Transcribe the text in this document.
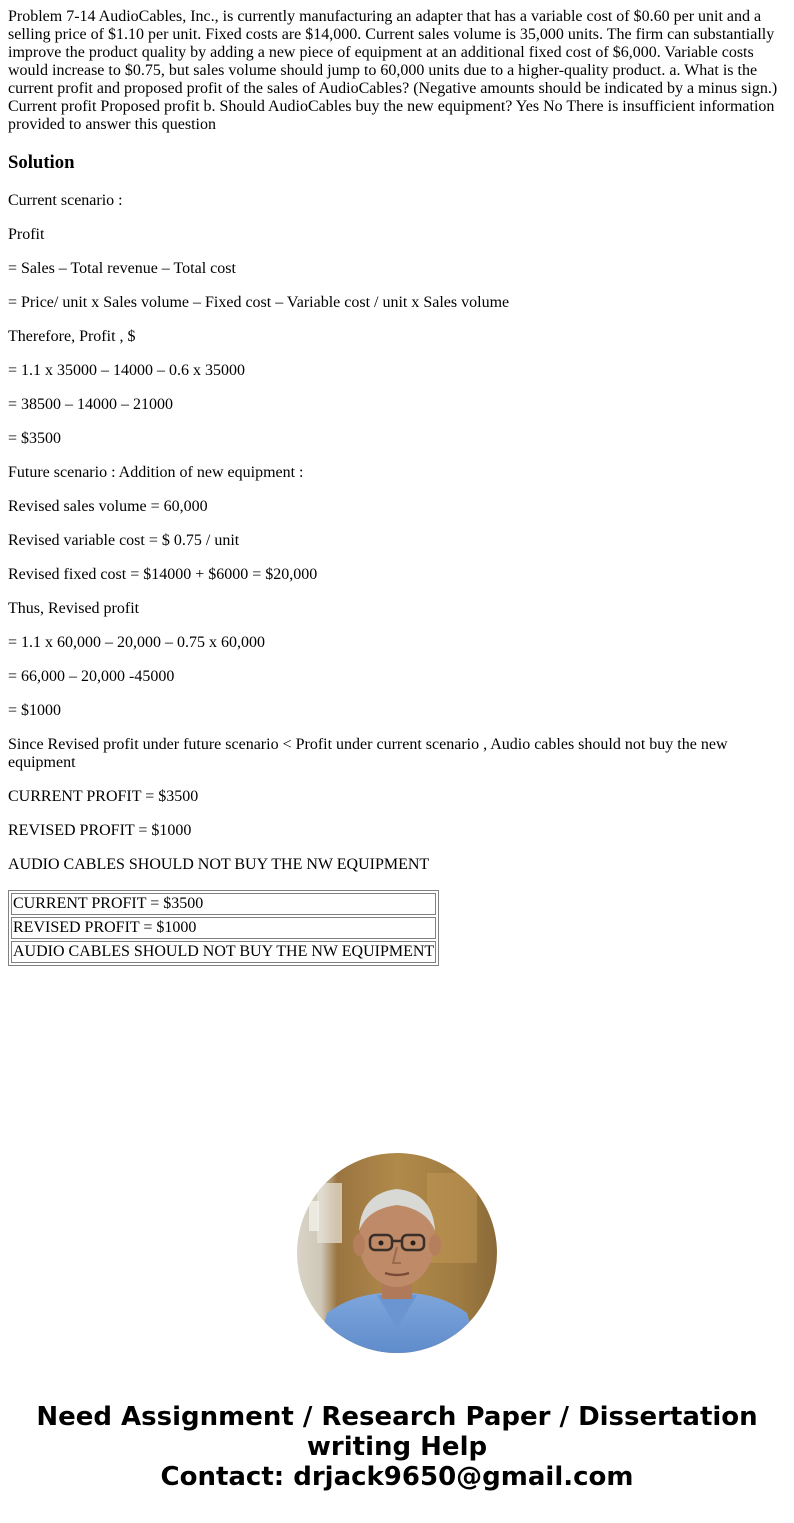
Problem 7-14 AudioCables, Inc., is currently manufacturing an adapter that has a variable cost of $0.60 per unit and a selling price of $1.10 per unit. Fixed costs are $14,000. Current sales volume is 35,000 units. The firm can substantially improve the product quality by adding a new piece of equipment at an additional fixed cost of $6,000. Variable costs would increase to $0.75, but sales volume should jump to 60,000 units due to a higher-quality product. a. What is the current profit and proposed profit of the sales of AudioCables? (Negative amounts should be indicated by a minus sign.) Current profit Proposed profit b. Should AudioCables buy the new equipment? Yes No There is insufficient information provided to answer this question

Solution

Current scenario :

Profit

= Sales – Total revenue – Total cost

= Price/ unit x Sales volume – Fixed cost – Variable cost / unit x Sales volume

Therefore, Profit , $

= 1.1 x 35000 – 14000 – 0.6 x 35000

= 38500 – 14000 – 21000

= $3500

Future scenario : Addition of new equipment :

Revised sales volume = 60,000

Revised variable cost = $ 0.75 / unit

Revised fixed cost = $14000 + $6000 = $20,000

Thus, Revised profit

= 1.1 x 60,000 – 20,000 – 0.75 x 60,000

= 66,000 – 20,000 -45000

= $1000

Since Revised profit under future scenario < Profit under current scenario , Audio cables should not buy the new equipment

CURRENT PROFIT = $3500

REVISED PROFIT = $1000

AUDIO CABLES SHOULD NOT BUY THE NW EQUIPMENT

CURRENT PROFIT = $3500
REVISED PROFIT = $1000
AUDIO CABLES SHOULD NOT BUY THE NW EQUIPMENT
Need Assignment / Research Paper / Dissertation
writing Help
Contact: drjack9650@gmail.com
